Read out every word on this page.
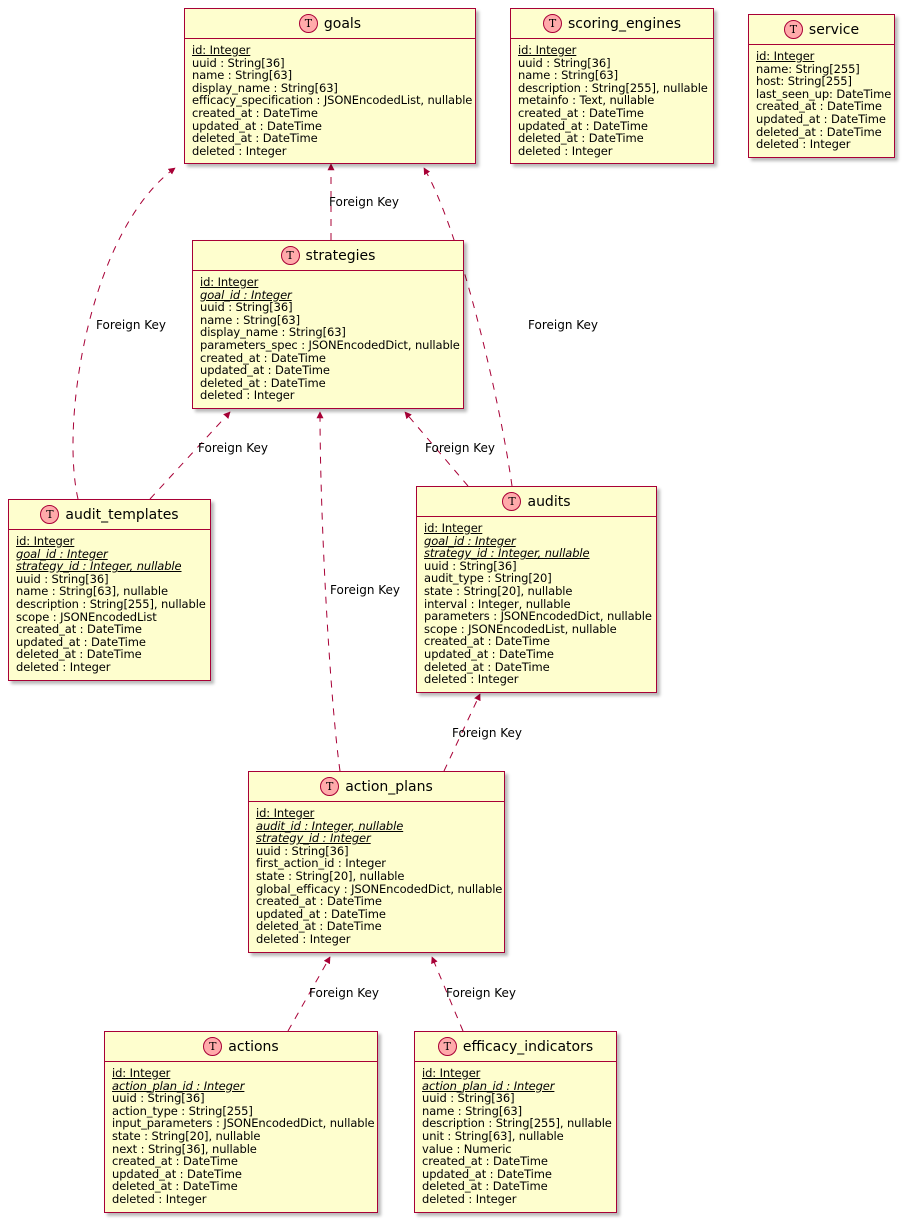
T goals
id: Integer
uuid : String[36]
name : String[63]
display_name : String[63]
efficacy_specification : JSONEncodedList, nullable
created_at : DateTime
updated_at : DateTime
deleted_at : DateTime
deleted : Integer
T scoring_engines
id: Integer
uuid : String[36]
name : String[63]
description : String[255], nullable
metainfo : Text, nullable
created_at : DateTime
updated_at : DateTime
deleted_at : DateTime
deleted : Integer
T service
id: Integer
name: String[255]
host: String[255]
last_seen_up: DateTime
created_at : DateTime
updated_at : DateTime
deleted_at : DateTime
deleted : Integer
T strategies
id: Integer
goal_id : Integer
uuid : String[36]
name : String[63]
display_name : String[63]
parameters_spec : JSONEncodedDict, nullable
created_at : DateTime
updated_at : DateTime
deleted_at : DateTime
deleted : Integer
T audit_templates
id: Integer
goal_id : Integer
strategy_id : Integer, nullable
uuid : String[36]
name : String[63], nullable
description : String[255], nullable
scope : JSONEncodedList
created_at : DateTime
updated_at : DateTime
deleted_at : DateTime
deleted : Integer
T audits
id: Integer
goal_id : Integer
strategy_id : Integer, nullable
uuid : String[36]
audit_type : String[20]
state : String[20], nullable
interval : Integer, nullable
parameters : JSONEncodedDict, nullable
scope : JSONEncodedList, nullable
created_at : DateTime
updated_at : DateTime
deleted_at : DateTime
deleted : Integer
T action_plans
id: Integer
audit_id : Integer, nullable
strategy_id : Integer
uuid : String[36]
first_action_id : Integer
state : String[20], nullable
global_efficacy : JSONEncodedDict, nullable
created_at : DateTime
updated_at : DateTime
deleted_at : DateTime
deleted : Integer
T actions
id: Integer
action_plan_id : Integer
uuid : String[36]
action_type : String[255]
input_parameters : JSONEncodedDict, nullable
state : String[20], nullable
next : String[36], nullable
created_at : DateTime
updated_at : DateTime
deleted_at : DateTime
deleted : Integer
T efficacy_indicators
id: Integer
action_plan_id : Integer
uuid : String[36]
name : String[63]
description : String[255], nullable
unit : String[63], nullable
value : Numeric
created_at : DateTime
updated_at : DateTime
deleted_at : DateTime
deleted : Integer
Foreign Key
Foreign Key	Foreign Key
Foreign Key	Foreign Key
Foreign Key
Foreign Key
Foreign Key	Foreign Key
